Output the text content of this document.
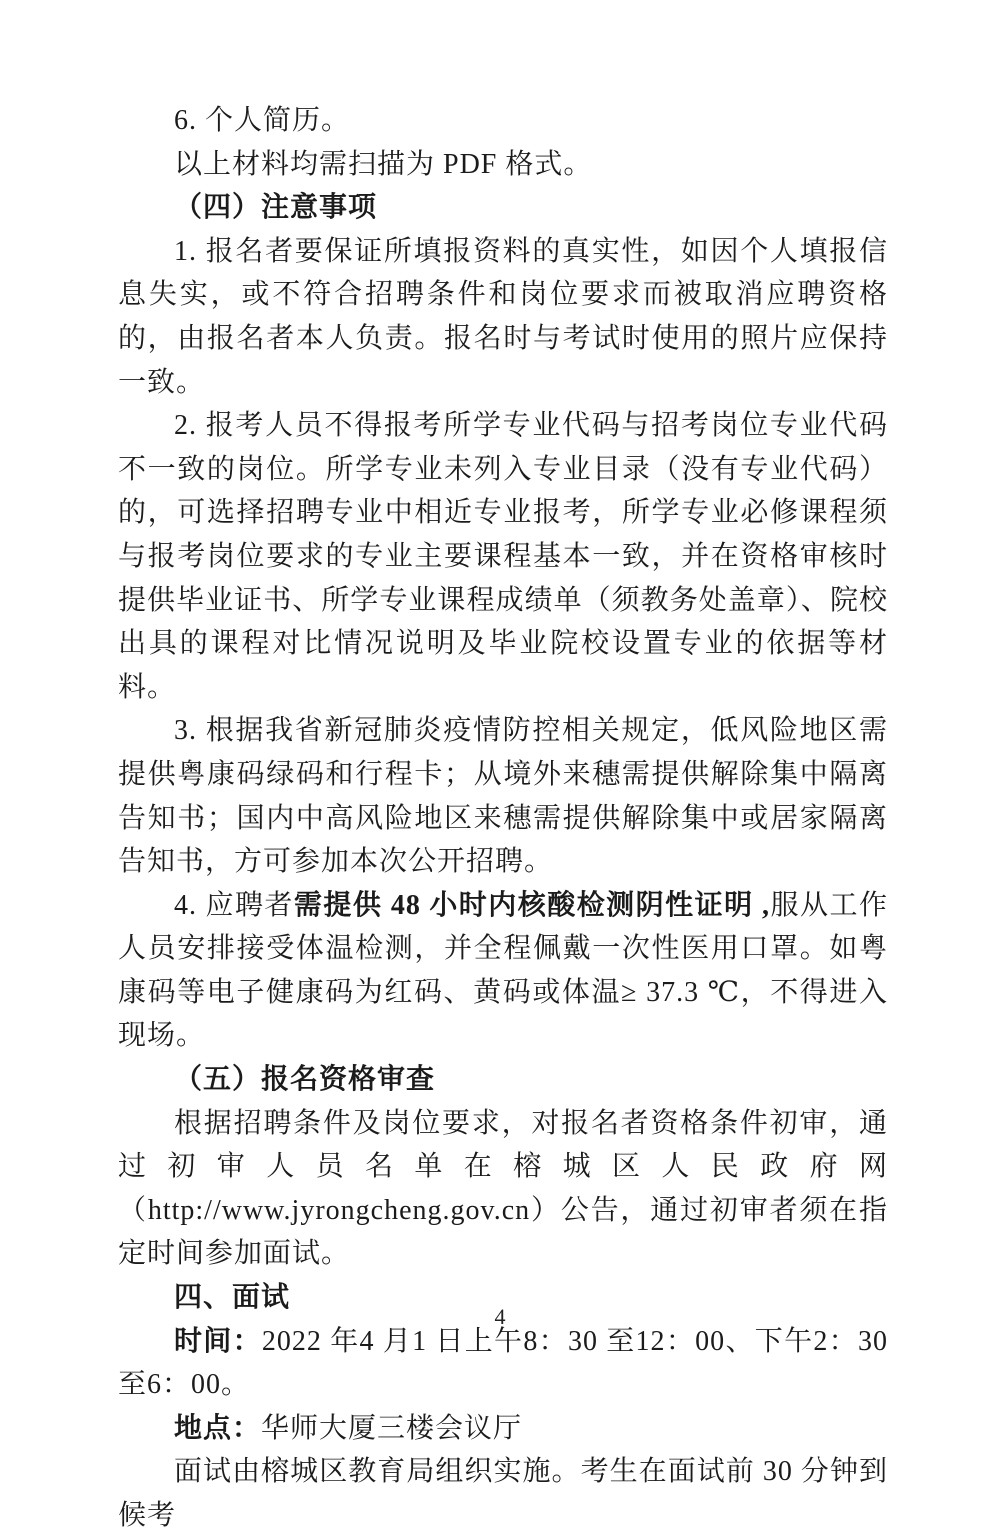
6. 个人简历。

以上材料均需扫描为 PDF 格式。

（四）注意事项

1. 报名者要保证所填报资料的真实性，如因个人填报信息失实，或不符合招聘条件和岗位要求而被取消应聘资格的，由报名者本人负责。报名时与考试时使用的照片应保持一致。

2. 报考人员不得报考所学专业代码与招考岗位专业代码不一致的岗位。所学专业未列入专业目录（没有专业代码）的，可选择招聘专业中相近专业报考，所学专业必修课程须与报考岗位要求的专业主要课程基本一致，并在资格审核时提供毕业证书、所学专业课程成绩单（须教务处盖章）、院校出具的课程对比情况说明及毕业院校设置专业的依据等材料。

3. 根据我省新冠肺炎疫情防控相关规定，低风险地区需提供粤康码绿码和行程卡；从境外来穗需提供解除集中隔离告知书；国内中高风险地区来穗需提供解除集中或居家隔离告知书，方可参加本次公开招聘。

4. 应聘者需提供 48 小时内核酸检测阴性证明 ,服从工作人员安排接受体温检测，并全程佩戴一次性医用口罩。如粤康码等电子健康码为红码、黄码或体温≥ 37.3 ℃，不得进入现场。

（五）报名资格审查

根据招聘条件及岗位要求，对报名者资格条件初审，通过初审人员名单在榕城区人民政府网（http://www.jyrongcheng.gov.cn）公告，通过初审者须在指定时间参加面试。

四、面试

时间：2022 年4 月1 日上午8：30 至12：00、下午2：30 至6：00。

地点：华师大厦三楼会议厅

面试由榕城区教育局组织实施。考生在面试前 30 分钟到候考

4
